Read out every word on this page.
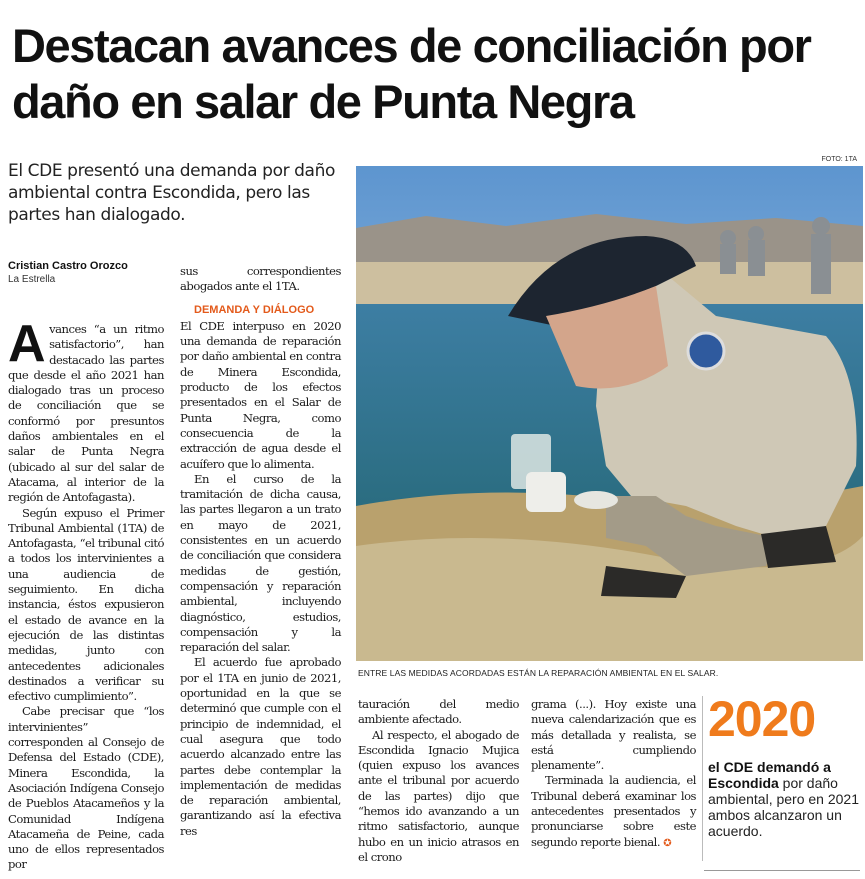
Destacan avances de conciliación por daño en salar de Punta Negra
FOTO: 1TA
El CDE presentó una demanda por daño ambiental contra Escondida, pero las partes han dialogado.
Cristian Castro Orozco
La Estrella

Avances “a un ritmo satisfactorio”, han destacado las partes que desde el año 2021 han dialogado tras un proceso de conciliación que se conformó por presuntos daños ambientales en el salar de Punta Negra (ubicado al sur del salar de Atacama, al interior de la región de Antofagasta).

Según expuso el Primer Tribunal Ambiental (1TA) de Antofagasta, “el tribunal citó a todos los intervinientes a una audiencia de seguimiento. En dicha instancia, éstos expusieron el estado de avance en la ejecución de las distintas medidas, junto con antecedentes adicionales destinados a verificar su efectivo cumplimiento”.

Cabe precisar que “los intervinientes” corresponden al Consejo de Defensa del Estado (CDE), Minera Escondida, la Asociación Indígena Consejo de Pueblos Atacameños y la Comunidad Indígena Atacameña de Peine, cada uno de ellos representados por

sus correspondientes abogados ante el 1TA.

DEMANDA Y DIÁLOGO

El CDE interpuso en 2020 una demanda de reparación por daño ambiental en contra de Minera Escondida, producto de los efectos presentados en el Salar de Punta Negra, como consecuencia de la extracción de agua desde el acuífero que lo alimenta.

En el curso de la tramitación de dicha causa, las partes llegaron a un trato en mayo de 2021, consistentes en un acuerdo de conciliación que considera medidas de gestión, compensación y reparación ambiental, incluyendo diagnóstico, estudios, compensación y la reparación del salar.

El acuerdo fue aprobado por el 1TA en junio de 2021, oportunidad en la que se determinó que cumple con el principio de indemnidad, el cual asegura que todo acuerdo alcanzado entre las partes debe contemplar la implementación de medidas de reparación ambiental, garantizando así la efectiva res

tauración del medio ambiente afectado.

Al respecto, el abogado de Escondida Ignacio Mujica (quien expuso los avances ante el tribunal por acuerdo de las partes) dijo que “hemos ido avanzando a un ritmo satisfactorio, aunque hubo en un inicio atrasos en el crono

grama (...). Hoy existe una nueva calendarización que es más detallada y realista, se está cumpliendo plenamente”.

Terminada la audiencia, el Tribunal deberá examinar los antecedentes presentados y pronunciarse sobre este segundo reporte bienal. ✪

ENTRE LAS MEDIDAS ACORDADAS ESTÁN LA REPARACIÓN AMBIENTAL EN EL SALAR.
2020
el CDE demandó a Escondida por daño ambiental, pero en 2021 ambos alcanzaron un acuerdo.
